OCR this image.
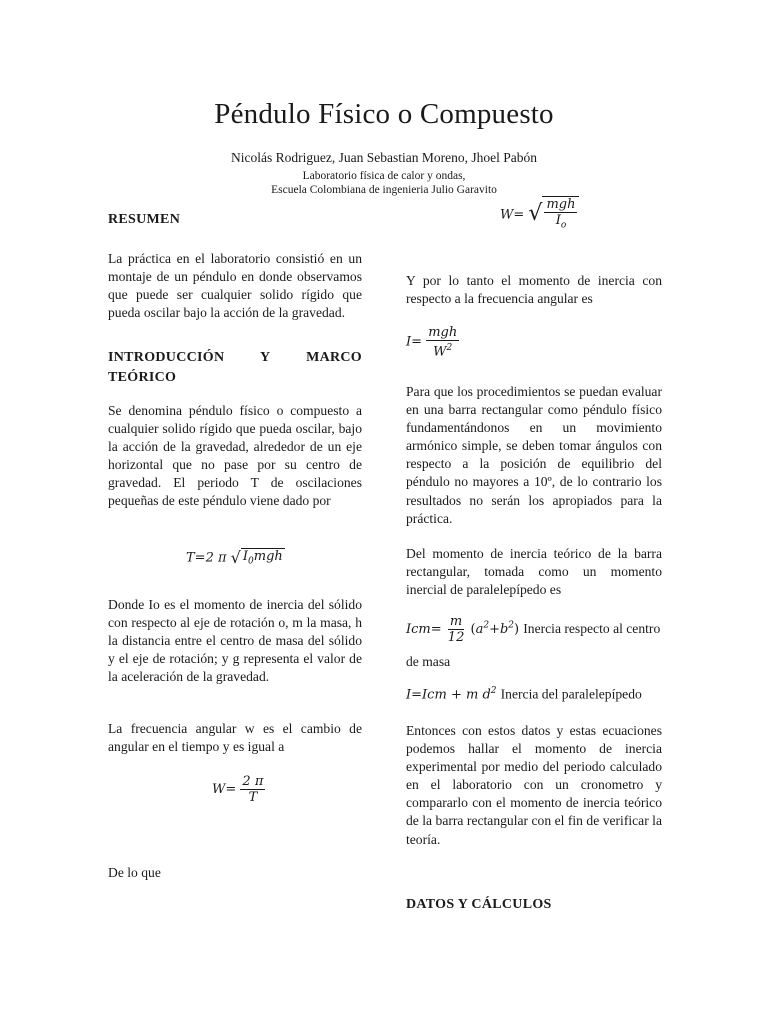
Péndulo Físico o Compuesto
Nicolás Rodriguez, Juan Sebastian Moreno, Jhoel Pabón
Laboratorio física de calor y ondas,
Escuela Colombiana de ingenieria Julio Garavito
RESUMEN
La práctica en el laboratorio consistió en un montaje de un péndulo en donde observamos que puede ser cualquier solido rígido que pueda oscilar bajo la acción de la gravedad.
INTRODUCCIÓN	Y	MARCO
TEÓRICO
Se denomina péndulo físico o compuesto a cualquier solido rígido que pueda oscilar, bajo la acción de la gravedad, alrededor de un eje horizontal que no pase por su centro de gravedad. El periodo T de oscilaciones pequeñas de este péndulo viene dado por
T=2 π √ $I_0mgh$
Donde Io es el momento de inercia del sólido con respecto al eje de rotación o, m la masa, h la distancia entre el centro de masa del sólido y el eje de rotación; y g representa el valor de la aceleración de la gravedad.
La frecuencia angular w es el cambio de angular en el tiempo y es igual a
$W= \frac{2 \pi}{T}$
De lo que
W= √ $\frac{\text{mgh}}{I_o}$
Y por lo tanto el momento de inercia con respecto a la frecuencia angular es
$I= \frac{\text{mgh}}{W^2}$
Para que los procedimientos se puedan evaluar en una barra rectangular como péndulo físico fundamentándonos en un movimiento armónico simple, se deben tomar ángulos con respecto a la posición de equilibrio del péndulo no mayores a 10º, de lo contrario los resultados no serán los apropiados para la práctica.
Del momento de inercia teórico de la barra rectangular, tomada como un momento inercial de paralelepípedo es
$Icm= \frac{m}{12} (a^2+b^2)$ Inercia respecto al centro
de masa
I=Icm + m $d^2$ Inercia del paralelepípedo
Entonces con estos datos y estas ecuaciones podemos hallar el momento de inercia experimental por medio del periodo calculado en el laboratorio con un cronometro y compararlo con el momento de inercia teórico de la barra rectangular con el fin de verificar la teoría.
DATOS Y CÁLCULOS
